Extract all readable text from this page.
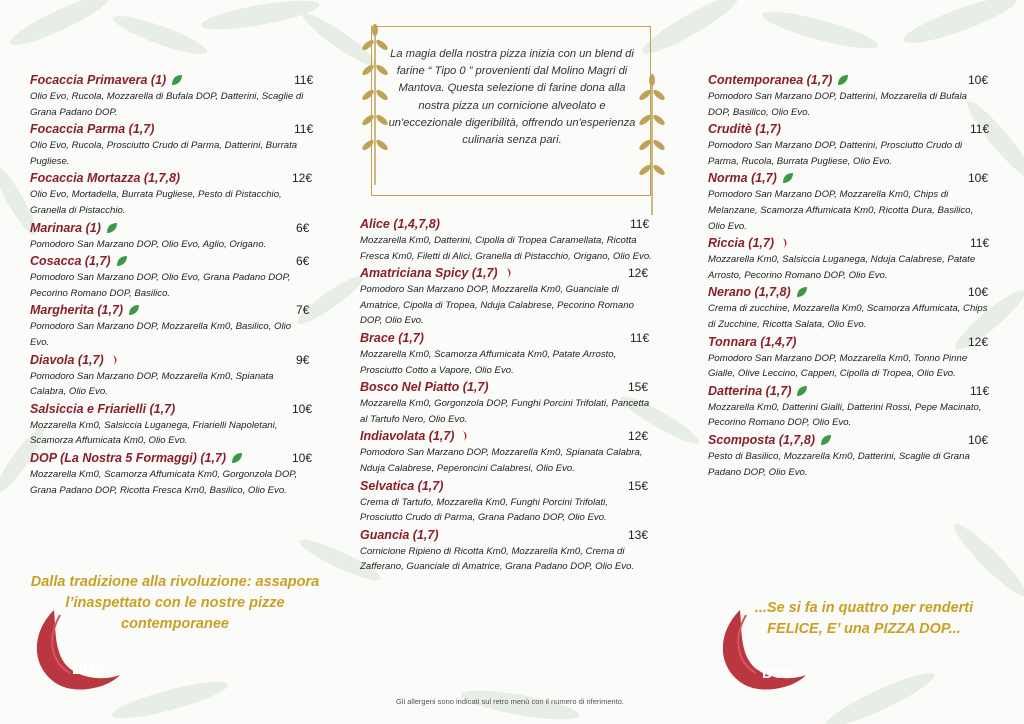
La magia della nostra pizza inizia con un blend di farine “ Tipo 0 ” provenienti dal Molino Magri di Mantova. Questa selezione di farine dona alla nostra pizza un cornicione alveolato e un'eccezionale digeribilità, offrendo un'esperienza culinaria senza pari.
Focaccia Primavera (1)	11€
Olio Evo, Rucola, Mozzarella di Bufala DOP, Datterini, Scaglie di Grana Padano DOP.
Focaccia Parma (1,7)	11€
Olio Evo, Rucola, Prosciutto Crudo di Parma, Datterini, Burrata Pugliese.
Focaccia Mortazza (1,7,8)	12€
Olio Evo, Mortadella, Burrata Pugliese, Pesto di Pistacchio, Granella di Pistacchio.
Marinara (1)	6€
Pomodoro San Marzano DOP, Olio Evo, Aglio, Origano.
Cosacca (1,7)	6€
Pomodoro San Marzano DOP, Olio Evo, Grana Padano DOP, Pecorino Romano DOP, Basilico.
Margherita (1,7)	7€
Pomodoro San Marzano DOP, Mozzarella Km0, Basilico, Olio Evo.
Diavola (1,7)	9€
Pomodoro San Marzano DOP, Mozzarella Km0, Spianata Calabra, Olio Evo.
Salsiccia e Friarielli (1,7)	10€
Mozzarella Km0, Salsiccia Luganega, Friarielli Napoletani, Scamorza Affumicata Km0, Olio Evo.
DOP (La Nostra 5 Formaggi) (1,7)	10€
Mozzarella Km0, Scamorza Affumicata Km0, Gorgonzola DOP, Grana Padano DOP, Ricotta Fresca Km0, Basilico, Olio Evo.
Alice (1,4,7,8)	11€
Mozzarella Km0, Datterini, Cipolla di Tropea Caramellata, Ricotta Fresca Km0, Filetti di Alici, Granella di Pistacchio, Origano, Olio Evo.
Amatriciana Spicy (1,7)	12€
Pomodoro San Marzano DOP, Mozzarella Km0, Guanciale di Amatrice, Cipolla di Tropea, Nduja Calabrese, Pecorino Romano DOP, Olio Evo.
Brace (1,7)	11€
Mozzarella Km0, Scamorza Affumicata Km0, Patate Arrosto, Prosciutto Cotto a Vapore, Olio Evo.
Bosco Nel Piatto (1,7)	15€
Mozzarella Km0, Gorgonzola DOP, Funghi Porcini Trifolati, Pancetta al Tartufo Nero, Olio Evo.
Indiavolata (1,7)	12€
Pomodoro San Marzano DOP, Mozzarella Km0, Spianata Calabra, Nduja Calabrese, Peperoncini Calabresi, Olio Evo.
Selvatica (1,7)	15€
Crema di Tartufo, Mozzarella Km0, Funghi Porcini Trifolati, Prosciutto Crudo di Parma, Grana Padano DOP, Olio Evo.
Guancia (1,7)	13€
Cornicione Ripieno di Ricotta Km0, Mozzarella Km0, Crema di Zafferano, Guanciale di Amatrice, Grana Padano DOP, Olio Evo.
Contemporanea (1,7)	10€
Pomodoro San Marzano DOP, Datterini, Mozzarella di Bufala DOP, Basilico, Olio Evo.
Cruditè (1,7)	11€
Pomodoro San Marzano DOP, Datterini, Prosciutto Crudo di Parma, Rucola, Burrata Pugliese, Olio Evo.
Norma (1,7)	10€
Pomodoro San Marzano DOP, Mozzarella Km0, Chips di Melanzane, Scamorza Affumicata Km0, Ricotta Dura, Basilico, Olio Evo.
Riccia (1,7)	11€
Mozzarella Km0, Salsiccia Luganega, Nduja Calabrese, Patate Arrosto, Pecorino Romano DOP, Olio Evo.
Nerano (1,7,8)	10€
Crema di zucchine, Mozzarella Km0, Scamorza Affumicata, Chips di Zucchine, Ricotta Salata, Olio Evo.
Tonnara (1,4,7)	12€
Pomodoro San Marzano DOP, Mozzarella Km0, Tonno Pinne Gialle, Olive Leccino, Capperi, Cipolla di Tropea, Olio Evo.
Datterina (1,7)	11€
Mozzarella Km0, Datterini Gialli, Datterini Rossi, Pepe Macinato, Pecorino Romano DOP, Olio Evo.
Scomposta (1,7,8)	10€
Pesto di Basilico, Mozzarella Km0, Datterini, Scaglie di Grana Padano DOP, Olio Evo.
Dalla tradizione alla rivoluzione: assapora l’inaspettato con le nostre pizze contemporanee
...Se si fa in quattro per renderti FELICE, E’ una PIZZA DOP...
DOP	DOP
Gli allergeni sono indicati sul retro menù con il numero di riferimento.
